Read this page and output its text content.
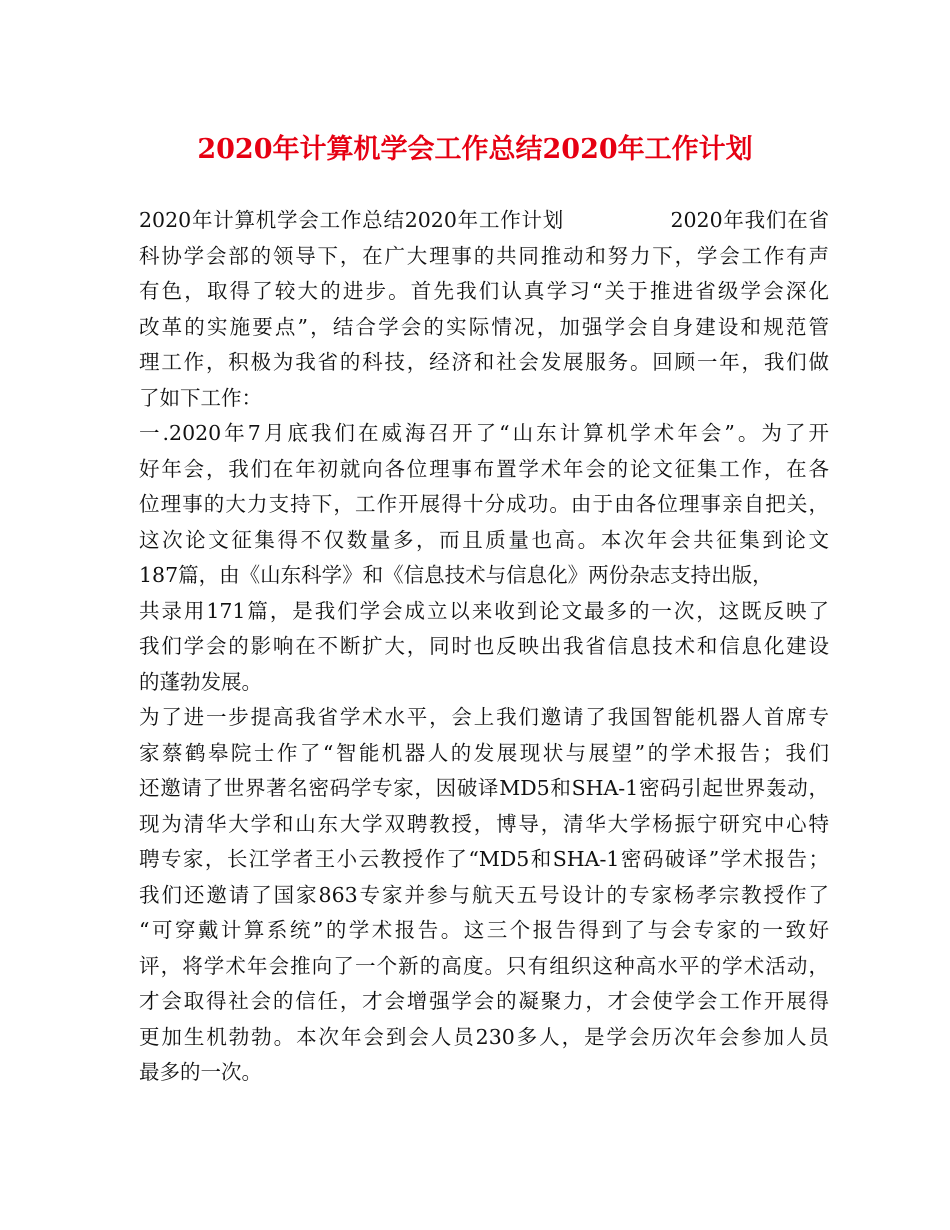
2020年计算机学会工作总结2020年工作计划
2020年计算机学会工作总结2020年工作计划　　　　　2020年我们在省
科协学会部的领导下，在广大理事的共同推动和努力下，学会工作有声
有色，取得了较大的进步。首先我们认真学习“关于推进省级学会深化
改革的实施要点”，结合学会的实际情况，加强学会自身建设和规范管
理工作，积极为我省的科技，经济和社会发展服务。回顾一年，我们做
了如下工作：
一.2020年7月底我们在威海召开了“山东计算机学术年会”。为了开
好年会，我们在年初就向各位理事布置学术年会的论文征集工作，在各
位理事的大力支持下，工作开展得十分成功。由于由各位理事亲自把关，
这次论文征集得不仅数量多，而且质量也高。本次年会共征集到论文
187篇，由《山东科学》和《信息技术与信息化》两份杂志支持出版，
共录用171篇，是我们学会成立以来收到论文最多的一次，这既反映了
我们学会的影响在不断扩大，同时也反映出我省信息技术和信息化建设
的蓬勃发展。
为了进一步提高我省学术水平，会上我们邀请了我国智能机器人首席专
家蔡鹤皋院士作了“智能机器人的发展现状与展望”的学术报告；我们
还邀请了世界著名密码学专家，因破译MD5和SHA-1密码引起世界轰动，
现为清华大学和山东大学双聘教授，博导，清华大学杨振宁研究中心特
聘专家，长江学者王小云教授作了“MD5和SHA-1密码破译”学术报告；
我们还邀请了国家863专家并参与航天五号设计的专家杨孝宗教授作了
“可穿戴计算系统”的学术报告。这三个报告得到了与会专家的一致好
评，将学术年会推向了一个新的高度。只有组织这种高水平的学术活动，
才会取得社会的信任，才会增强学会的凝聚力，才会使学会工作开展得
更加生机勃勃。本次年会到会人员230多人，是学会历次年会参加人员
最多的一次。
